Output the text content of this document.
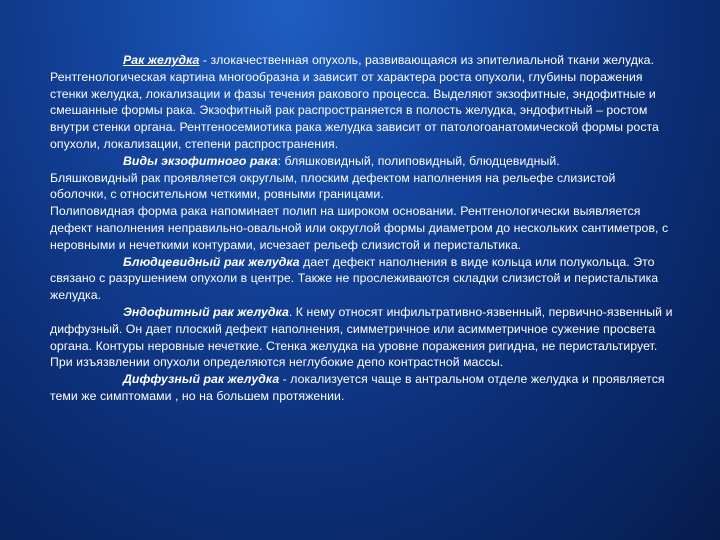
Рак желудка - злокачественная опухоль, развивающаяся из эпителиальной ткани желудка. Рентгенологическая картина многообразна и зависит от характера роста опухоли, глубины поражения стенки желудка, локализации и фазы течения ракового процесса. Выделяют экзофитные, эндофитные и смешанные формы рака. Экзофитный рак распространяется в полость желудка, эндофитный – ростом внутри стенки органа. Рентгеносемиотика рака желудка зависит от патологоанатомической формы роста опухоли, локализации, степени распространения.

Виды экзофитного рака: бляшковидный, полиповидный, блюдцевидный.

Бляшковидный рак проявляется округлым, плоским дефектом наполнения на рельефе слизистой оболочки, с относительном четкими, ровными границами.

Полиповидная форма рака напоминает полип на широком основании. Рентгенологически выявляется дефект наполнения неправильно-овальной или округлой формы диаметром до нескольких сантиметров, с неровными и нечеткими контурами, исчезает рельеф слизистой и перистальтика.

Блюдцевидный рак желудка дает дефект наполнения в виде кольца или полукольца. Это связано с разрушением опухоли в центре. Также не прослеживаются складки слизистой и перистальтика желудка.

Эндофитный рак желудка. К нему относят инфильтративно-язвенный, первично-язвенный и диффузный. Он дает плоский дефект наполнения, симметричное или асимметричное сужение просвета органа. Контуры неровные нечеткие. Стенка желудка на уровне поражения ригидна, не перистальтирует. При изъязвлении опухоли определяются неглубокие депо контрастной массы.

Диффузный рак желудка - локализуется чаще в антральном отделе желудка и проявляется теми же симптомами , но на большем протяжении.
